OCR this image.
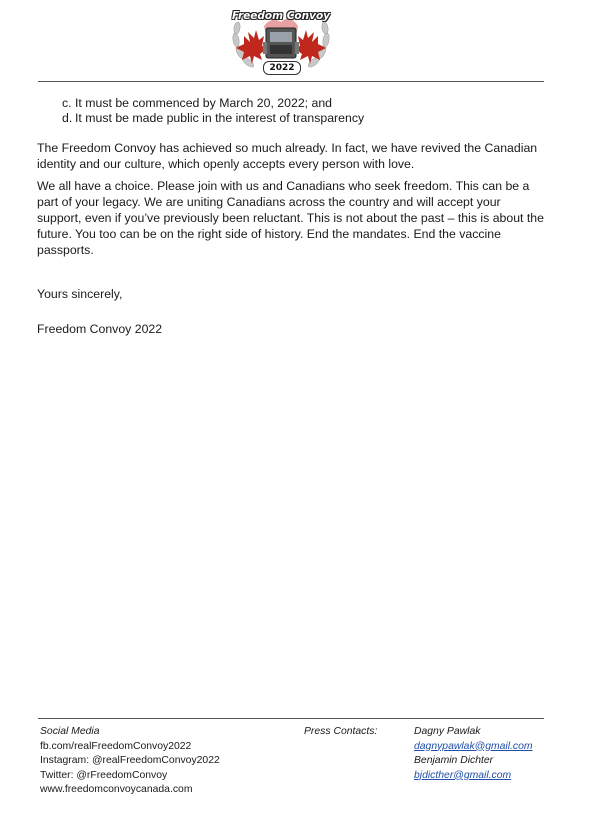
Freedom Convoy
2022
c. It must be commenced by March 20, 2022; and
d. It must be made public in the interest of transparency

The Freedom Convoy has achieved so much already. In fact, we have revived the Canadian identity and our culture, which openly accepts every person with love.

We all have a choice. Please join with us and Canadians who seek freedom. This can be a part of your legacy. We are uniting Canadians across the country and will accept your support, even if you’ve previously been reluctant. This is not about the past – this is about the future. You too can be on the right side of history. End the mandates. End the vaccine passports.

Yours sincerely,
Freedom Convoy 2022
Social Media
fb.com/realFreedomConvoy2022
Instagram: @realFreedomConvoy2022
Twitter: @rFreedomConvoy
www.freedomconvoycanada.com
Press Contacts:	Dagny Pawlak
dagnypawlak@gmail.com
Benjamin Dichter
bjdicther@gmail.com
